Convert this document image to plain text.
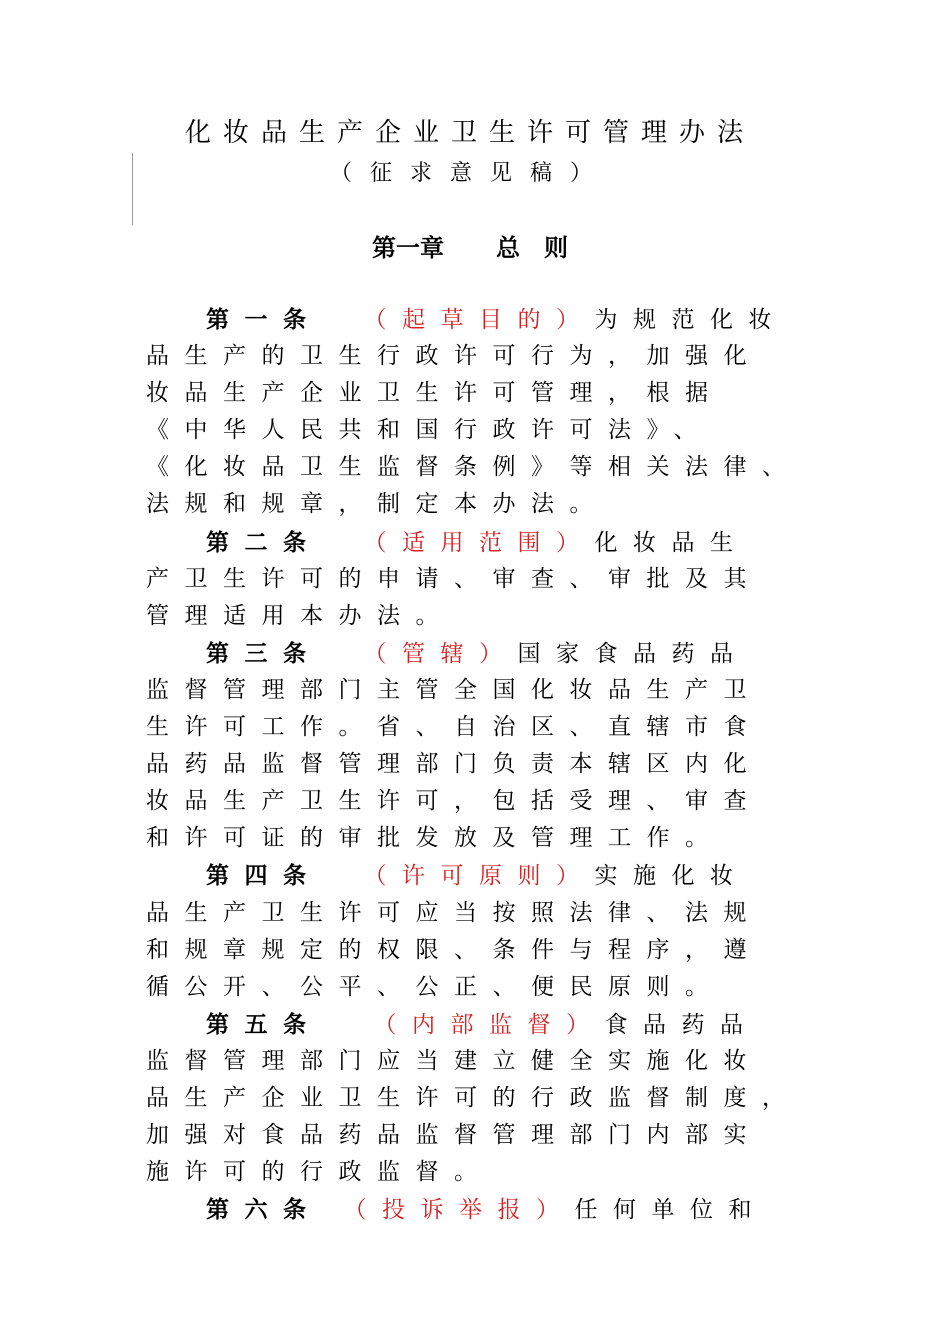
化妆品生产企业卫生许可管理办法
（征求意见稿）
第一章 总　则
第一条 （起草目的）为规范化妆
品生产的卫生行政许可行为，加强化
妆品生产企业卫生许可管理，根据
《中华人民共和国行政许可法》、
《化妆品卫生监督条例》等相关法律、
法规和规章，制定本办法。
第二条 （适用范围）化妆品生
产卫生许可的申请、审查、审批及其
管理适用本办法。
第三条 （管辖）国家食品药品
监督管理部门主管全国化妆品生产卫
生许可工作。省、自治区、直辖市食
品药品监督管理部门负责本辖区内化
妆品生产卫生许可，包括受理、审查
和许可证的审批发放及管理工作。
第四条 （许可原则）实施化妆
品生产卫生许可应当按照法律、法规
和规章规定的权限、条件与程序，遵
循公开、公平、公正、便民原则。
第五条 （内部监督）食品药品
监督管理部门应当建立健全实施化妆
品生产企业卫生许可的行政监督制度，
加强对食品药品监督管理部门内部实
施许可的行政监督。
第六条 （投诉举报）任何单位和
